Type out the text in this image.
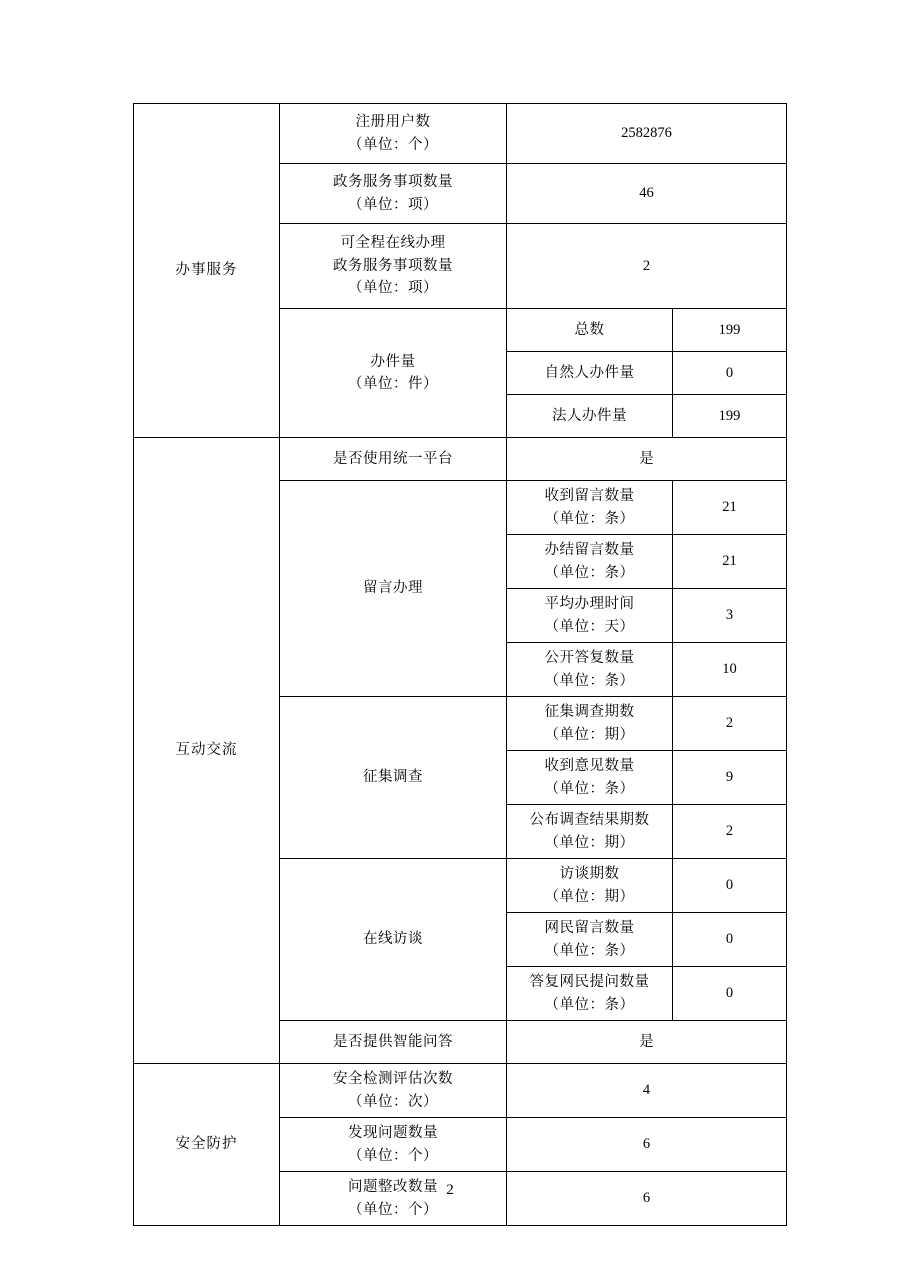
办事服务	注册用户数
（单位：个）	2582876	
	政务服务事项数量
（单位：项）	46	
	可全程在线办理
政务服务事项数量
（单位：项）	2	
	办件量
（单位：件）	总数	199
		自然人办件量	0
		法人办件量	199
互动交流	是否使用统一平台	是	
	留言办理	收到留言数量
（单位：条）	21
		办结留言数量
（单位：条）	21
		平均办理时间
（单位：天）	3
		公开答复数量
（单位：条）	10
	征集调查	征集调查期数
（单位：期）	2
		收到意见数量
（单位：条）	9
		公布调查结果期数
（单位：期）	2
	在线访谈	访谈期数
（单位：期）	0
		网民留言数量
（单位：条）	0
		答复网民提问数量
（单位：条）	0
	是否提供智能问答	是	
安全防护	安全检测评估次数
（单位：次）	4	
	发现问题数量
（单位：个）	6	
	问题整改数量
（单位：个）	6	
2
